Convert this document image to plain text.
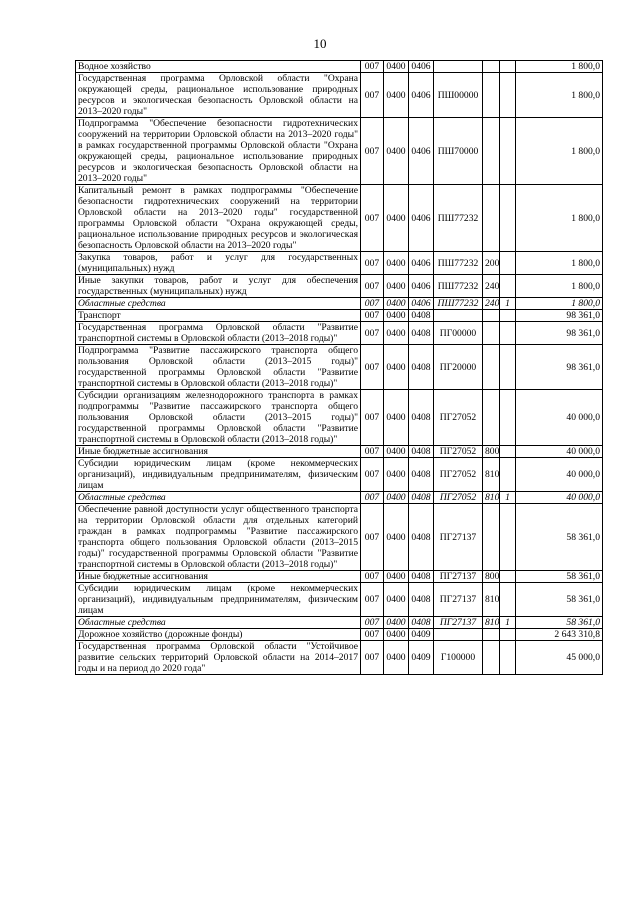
10
Водное хозяйство	007	0400	0406				1 800,0
Государственная программа Орловской области "Охрана окружающей среды, рациональное использование природных ресурсов и экологическая безопасность Орловской области на 2013–2020 годы"	007	0400	0406	ПШ00000			1 800,0
Подпрограмма "Обеспечение безопасности гидротехнических сооружений на территории Орловской области на 2013–2020 годы" в рамках государственной программы Орловской области "Охрана окружающей среды, рациональное использование природных ресурсов и экологическая безопасность Орловской области на 2013–2020 годы"	007	0400	0406	ПШ70000			1 800,0
Капитальный ремонт в рамках подпрограммы "Обеспечение безопасности гидротехнических сооружений на территории Орловской области на 2013–2020 годы" государственной программы Орловской области "Охрана окружающей среды, рациональное использование природных ресурсов и экологическая безопасность Орловской области на 2013–2020 годы"	007	0400	0406	ПШ77232			1 800,0
Закупка товаров, работ и услуг для государственных (муниципальных) нужд	007	0400	0406	ПШ77232	200		1 800,0
Иные закупки товаров, работ и услуг для обеспечения государственных (муниципальных) нужд	007	0400	0406	ПШ77232	240		1 800,0
Областные средства	007	0400	0406	ПШ77232	240	1	1 800,0
Транспорт	007	0400	0408				98 361,0
Государственная программа Орловской области "Развитие транспортной системы в Орловской области (2013–2018 годы)"	007	0400	0408	ПГ00000			98 361,0
Подпрограмма "Развитие пассажирского транспорта общего пользования Орловской области (2013–2015 годы)" государственной программы Орловской области "Развитие транспортной системы в Орловской области (2013–2018 годы)"	007	0400	0408	ПГ20000			98 361,0
Субсидии организациям железнодорожного транспорта в рамках подпрограммы "Развитие пассажирского транспорта общего пользования Орловской области (2013–2015 годы)" государственной программы Орловской области "Развитие транспортной системы в Орловской области (2013–2018 годы)"	007	0400	0408	ПГ27052			40 000,0
Иные бюджетные ассигнования	007	0400	0408	ПГ27052	800		40 000,0
Субсидии юридическим лицам (кроме некоммерческих организаций), индивидуальным предпринимателям, физическим лицам	007	0400	0408	ПГ27052	810		40 000,0
Областные средства	007	0400	0408	ПГ27052	810	1	40 000,0
Обеспечение равной доступности услуг общественного транспорта на территории Орловской области для отдельных категорий граждан в рамках подпрограммы "Развитие пассажирского транспорта общего пользования Орловской области (2013–2015 годы)" государственной программы Орловской области "Развитие транспортной системы в Орловской области (2013–2018 годы)"	007	0400	0408	ПГ27137			58 361,0
Иные бюджетные ассигнования	007	0400	0408	ПГ27137	800		58 361,0
Субсидии юридическим лицам (кроме некоммерческих организаций), индивидуальным предпринимателям, физическим лицам	007	0400	0408	ПГ27137	810		58 361,0
Областные средства	007	0400	0408	ПГ27137	810	1	58 361,0
Дорожное хозяйство (дорожные фонды)	007	0400	0409				2 643 310,8
Государственная программа Орловской области "Устойчивое развитие сельских территорий Орловской области на 2014–2017 годы и на период до 2020 года"	007	0400	0409	Г100000			45 000,0
